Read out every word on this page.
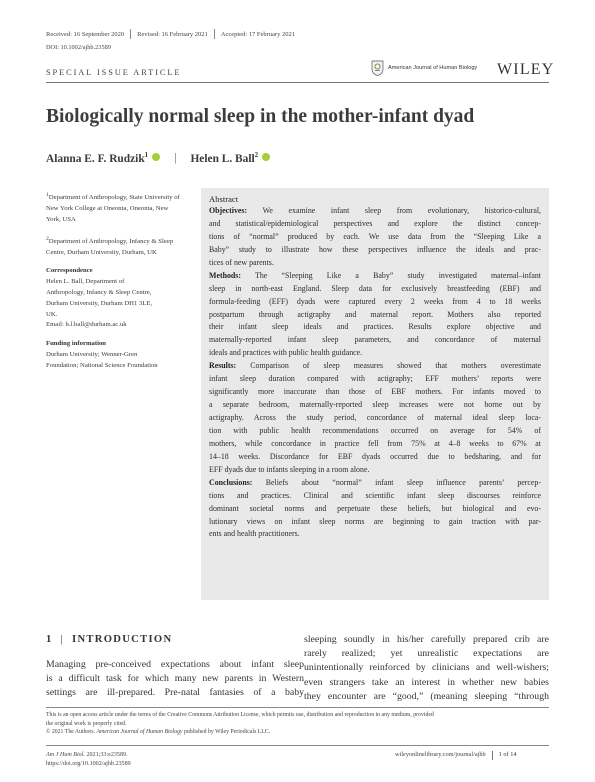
Received: 16 September 2020	Revised: 16 February 2021	Accepted: 17 February 2021
DOI: 10.1002/ajhb.23589
SPECIAL ISSUE ARTICLE	American Journal of Human Biology WILEY
Biologically normal sleep in the mother-infant dyad
Alanna E. F. Rudzik$^1$ | Helen L. Ball$^2$
$^1$Department of Anthropology, State University of New York College at Oneonta, Oneonta, New York, USA
$^2$Department of Anthropology, Infancy & Sleep Centre, Durham University, Durham, UK
Correspondence
Helen L. Ball, Department of
Anthropology, Infancy & Sleep Centre,
Durham University, Durham DH1 3LE,
UK.
Email: h.l.ball@durham.ac.uk
Funding information
Durham University; Wenner-Gren
Foundation; National Science Foundation
Abstract
Objectives: We examine infant sleep from evolutionary, historico-cultural,
and statistical/epidemiological perspectives and explore the distinct concep-
tions of “normal” produced by each. We use data from the “Sleeping Like a
Baby” study to illustrate how these perspectives influence the ideals and prac-
tices of new parents.
Methods: The “Sleeping Like a Baby” study investigated maternal–infant
sleep in north-east England. Sleep data for exclusively breastfeeding (EBF) and
formula-feeding (EFF) dyads were captured every 2 weeks from 4 to 18 weeks
postpartum through actigraphy and maternal report. Mothers also reported
their infant sleep ideals and practices. Results explore objective and
maternally-reported infant sleep parameters, and concordance of maternal
ideals and practices with public health guidance.
Results: Comparison of sleep measures showed that mothers overestimate
infant sleep duration compared with actigraphy; EFF mothers’ reports were
significantly more inaccurate than those of EBF mothers. For infants moved to
a separate bedroom, maternally-reported sleep increases were not borne out by
actigraphy. Across the study period, concordance of maternal ideal sleep loca-
tion with public health recommendations occurred on average for 54% of
mothers, while concordance in practice fell from 75% at 4–8 weeks to 67% at
14–18 weeks. Discordance for EBF dyads occurred due to bedsharing, and for
EFF dyads due to infants sleeping in a room alone.
Conclusions: Beliefs about “normal” infant sleep influence parents’ percep-
tions and practices. Clinical and scientific infant sleep discourses reinforce
dominant societal norms and perpetuate these beliefs, but biological and evo-
lutionary views on infant sleep norms are beginning to gain traction with par-
ents and health practitioners.
1 | INTRODUCTION
Managing pre-conceived expectations about infant sleep
is a difficult task for which many new parents in Western
settings are ill-prepared. Pre-natal fantasies of a baby
sleeping soundly in his/her carefully prepared crib are
rarely realized; yet unrealistic expectations are
unintentionally reinforced by clinicians and well-wishers;
even strangers take an interest in whether new babies
they encounter are “good,” (meaning sleeping “through
This is an open access article under the terms of the Creative Commons Attribution License, which permits use, distribution and reproduction in any medium, provided
the original work is properly cited.
© 2021 The Authors. American Journal of Human Biology published by Wiley Periodicals LLC.
Am J Hum Biol. 2021;33:e23589.
https://doi.org/10.1002/ajhb.23589
wileyonlinelibrary.com/journal/ajhb 1 of 14
